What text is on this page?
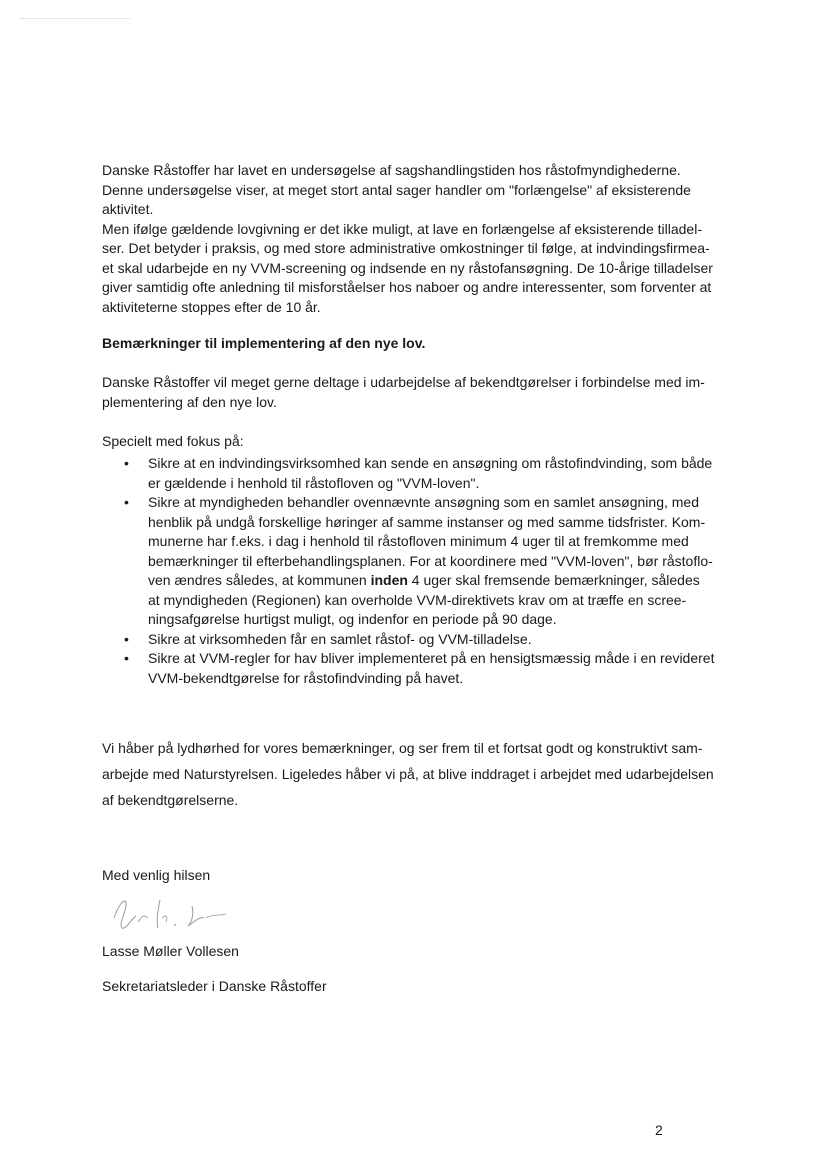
Danske Råstoffer har lavet en undersøgelse af sagshandlingstiden hos råstofmyndighederne.
Denne undersøgelse viser, at meget stort antal sager handler om "forlængelse" af eksisterende
aktivitet.
Men ifølge gældende lovgivning er det ikke muligt, at lave en forlængelse af eksisterende tilladel-
ser. Det betyder i praksis, og med store administrative omkostninger til følge, at indvindingsfirmea-
et skal udarbejde en ny VVM-screening og indsende en ny råstofansøgning. De 10-årige tilladelser
giver samtidig ofte anledning til misforståelser hos naboer og andre interessenter, som forventer at
aktiviteterne stoppes efter de 10 år.
Bemærkninger til implementering af den nye lov.
Danske Råstoffer vil meget gerne deltage i udarbejdelse af bekendtgørelser i forbindelse med im-
plementering af den nye lov.
Specielt med fokus på:
• Sikre at en indvindingsvirksomhed kan sende en ansøgning om råstofindvinding, som både
er gældende i henhold til råstofloven og "VVM-loven".
• Sikre at myndigheden behandler ovennævnte ansøgning som en samlet ansøgning, med
henblik på undgå forskellige høringer af samme instanser og med samme tidsfrister. Kom-
munerne har f.eks. i dag i henhold til råstofloven minimum 4 uger til at fremkomme med
bemærkninger til efterbehandlingsplanen. For at koordinere med "VVM-loven", bør råstoflo-
ven ændres således, at kommunen inden 4 uger skal fremsende bemærkninger, således
at myndigheden (Regionen) kan overholde VVM-direktivets krav om at træffe en scree-
ningsafgørelse hurtigst muligt, og indenfor en periode på 90 dage.
• Sikre at virksomheden får en samlet råstof- og VVM-tilladelse.
• Sikre at VVM-regler for hav bliver implementeret på en hensigtsmæssig måde i en revideret
VVM-bekendtgørelse for råstofindvinding på havet.
Vi håber på lydhørhed for vores bemærkninger, og ser frem til et fortsat godt og konstruktivt sam-
arbejde med Naturstyrelsen. Ligeledes håber vi på, at blive inddraget i arbejdet med udarbejdelsen
af bekendtgørelserne.
Med venlig hilsen
Lasse Møller Vollesen
Sekretariatsleder i Danske Råstoffer
2
